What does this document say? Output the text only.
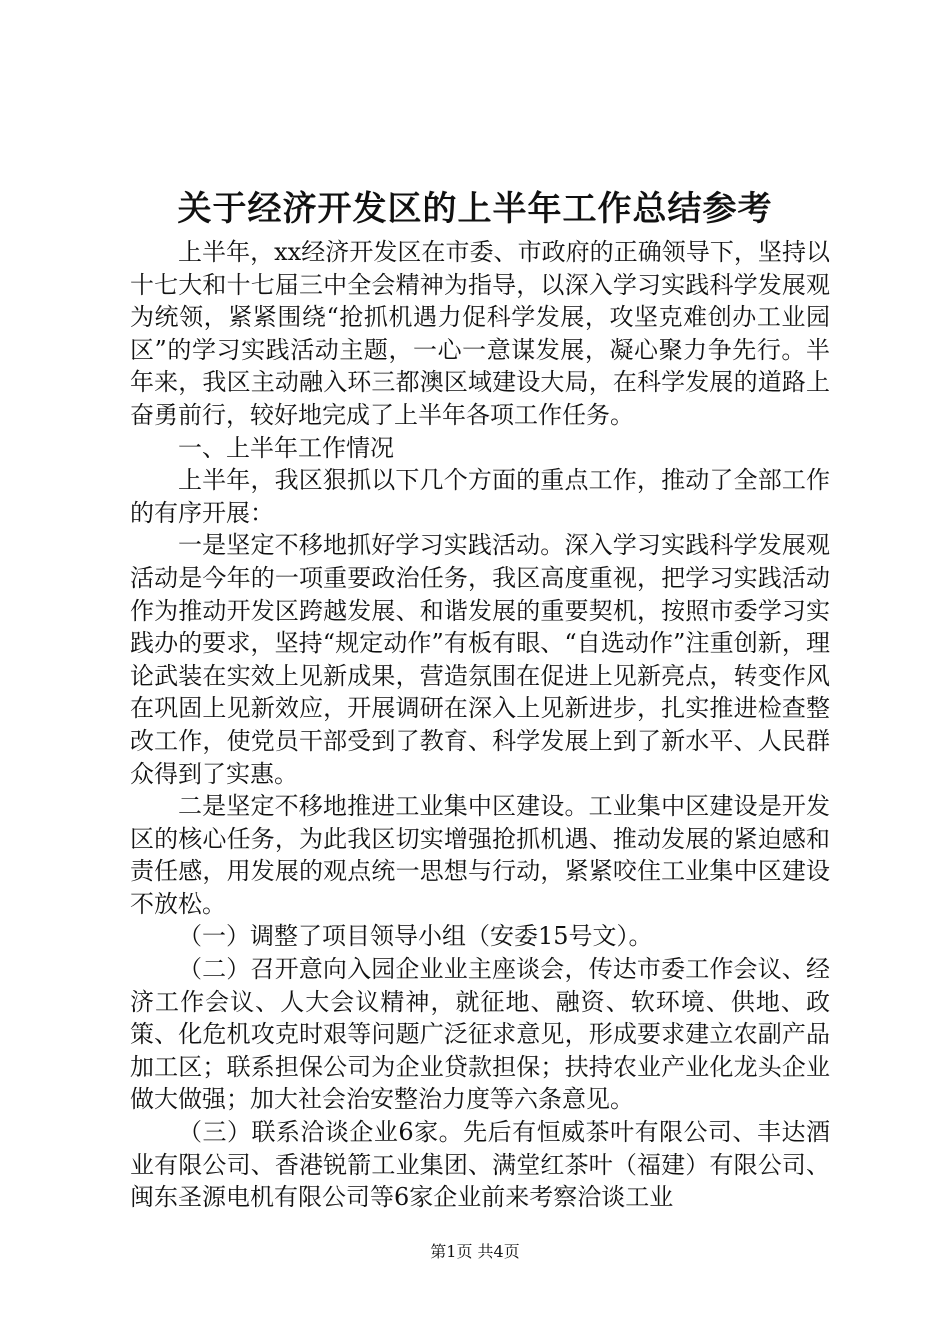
关于经济开发区的上半年工作总结参考

上半年，xx经济开发区在市委、市政府的正确领导下，坚持以十七大和十七届三中全会精神为指导，以深入学习实践科学发展观为统领，紧紧围绕“抢抓机遇力促科学发展，攻坚克难创办工业园区”的学习实践活动主题，一心一意谋发展，凝心聚力争先行。半年来，我区主动融入环三都澳区域建设大局，在科学发展的道路上奋勇前行，较好地完成了上半年各项工作任务。

一、上半年工作情况

上半年，我区狠抓以下几个方面的重点工作，推动了全部工作的有序开展：

一是坚定不移地抓好学习实践活动。深入学习实践科学发展观活动是今年的一项重要政治任务，我区高度重视，把学习实践活动作为推动开发区跨越发展、和谐发展的重要契机，按照市委学习实践办的要求，坚持“规定动作”有板有眼、“自选动作”注重创新，理论武装在实效上见新成果，营造氛围在促进上见新亮点，转变作风在巩固上见新效应，开展调研在深入上见新进步，扎实推进检查整改工作，使党员干部受到了教育、科学发展上到了新水平、人民群众得到了实惠。

二是坚定不移地推进工业集中区建设。工业集中区建设是开发区的核心任务，为此我区切实增强抢抓机遇、推动发展的紧迫感和责任感，用发展的观点统一思想与行动，紧紧咬住工业集中区建设不放松。

（一）调整了项目领导小组（安委15号文）。

（二）召开意向入园企业业主座谈会，传达市委工作会议、经济工作会议、人大会议精神，就征地、融资、软环境、供地、政策、化危机攻克时艰等问题广泛征求意见，形成要求建立农副产品加工区；联系担保公司为企业贷款担保；扶持农业产业化龙头企业做大做强；加大社会治安整治力度等六条意见。

（三）联系洽谈企业6家。先后有恒威茶叶有限公司、丰达酒业有限公司、香港锐箭工业集团、满堂红茶叶（福建）有限公司、闽东圣源电机有限公司等6家企业前来考察洽谈工业

第1页 共4页
